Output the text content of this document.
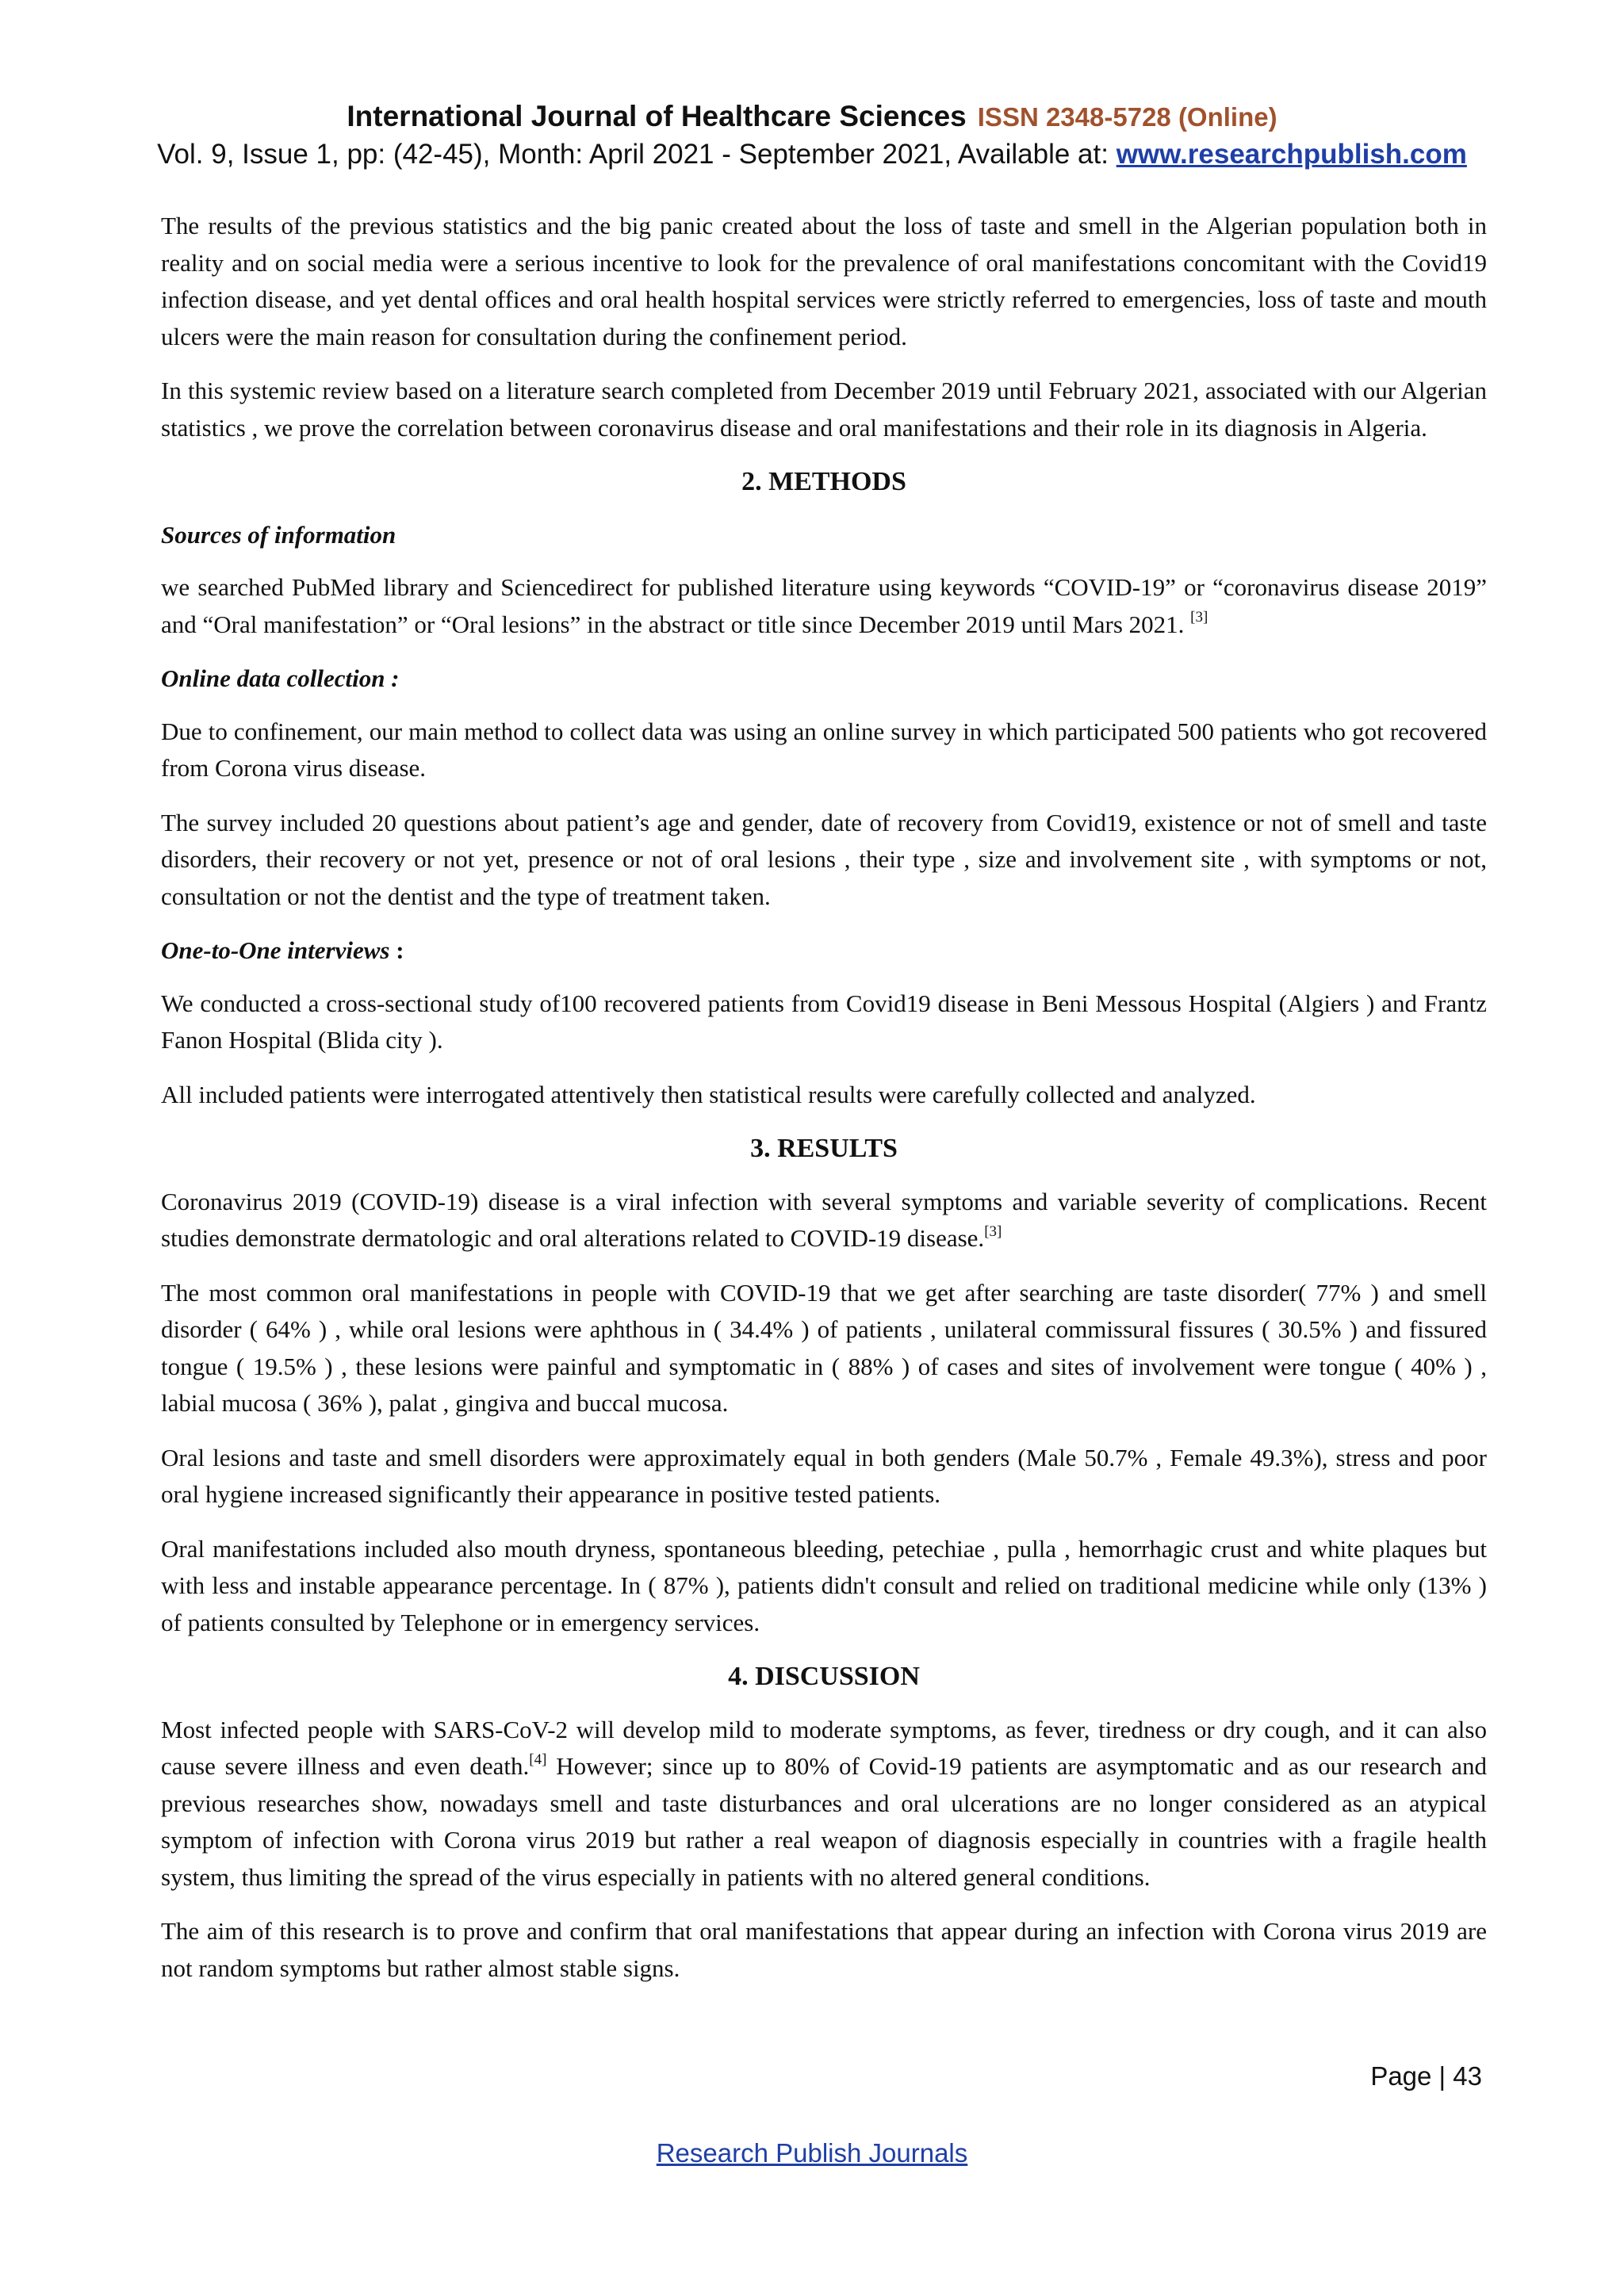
International Journal of Healthcare Sciences ISSN 2348-5728 (Online)
Vol. 9, Issue 1, pp: (42-45), Month: April 2021 - September 2021, Available at: www.researchpublish.com

The results of the previous statistics and the big panic created about the loss of taste and smell in the Algerian population both in reality and on social media were a serious incentive to look for the prevalence of oral manifestations concomitant with the Covid19 infection disease, and yet dental offices and oral health hospital services were strictly referred to emergencies, loss of taste and mouth ulcers were the main reason for consultation during the confinement period.

In this systemic review based on a literature search completed from December 2019 until February 2021, associated with our Algerian statistics , we prove the correlation between coronavirus disease and oral manifestations and their role in its diagnosis in Algeria.

2. METHODS
Sources of information

we searched PubMed library and Sciencedirect for published literature using keywords “COVID-19” or “coronavirus disease 2019” and “Oral manifestation” or “Oral lesions” in the abstract or title since December 2019 until Mars 2021. [3]

Online data collection :

Due to confinement, our main method to collect data was using an online survey in which participated 500 patients who got recovered from Corona virus disease.

The survey included 20 questions about patient’s age and gender, date of recovery from Covid19, existence or not of smell and taste disorders, their recovery or not yet, presence or not of oral lesions , their type , size and involvement site , with symptoms or not, consultation or not the dentist and the type of treatment taken.

One-to-One interviews :

We conducted a cross-sectional study of100 recovered patients from Covid19 disease in Beni Messous Hospital (Algiers ) and Frantz Fanon Hospital (Blida city ).

All included patients were interrogated attentively then statistical results were carefully collected and analyzed.

3. RESULTS

Coronavirus 2019 (COVID-19) disease is a viral infection with several symptoms and variable severity of complications. Recent studies demonstrate dermatologic and oral alterations related to COVID-19 disease.[3]

The most common oral manifestations in people with COVID-19 that we get after searching are taste disorder( 77% ) and smell disorder ( 64% ) , while oral lesions were aphthous in ( 34.4% ) of patients , unilateral commissural fissures ( 30.5% ) and fissured tongue ( 19.5% ) , these lesions were painful and symptomatic in ( 88% ) of cases and sites of involvement were tongue ( 40% ) , labial mucosa ( 36% ), palat , gingiva and buccal mucosa.

Oral lesions and taste and smell disorders were approximately equal in both genders (Male 50.7% , Female 49.3%), stress and poor oral hygiene increased significantly their appearance in positive tested patients.

Oral manifestations included also mouth dryness, spontaneous bleeding, petechiae , pulla , hemorrhagic crust and white plaques but with less and instable appearance percentage. In ( 87% ), patients didn't consult and relied on traditional medicine while only (13% ) of patients consulted by Telephone or in emergency services.

4. DISCUSSION

Most infected people with SARS-CoV-2 will develop mild to moderate symptoms, as fever, tiredness or dry cough, and it can also cause severe illness and even death.[4] However; since up to 80% of Covid-19 patients are asymptomatic and as our research and previous researches show, nowadays smell and taste disturbances and oral ulcerations are no longer considered as an atypical symptom of infection with Corona virus 2019 but rather a real weapon of diagnosis especially in countries with a fragile health system, thus limiting the spread of the virus especially in patients with no altered general conditions.

The aim of this research is to prove and confirm that oral manifestations that appear during an infection with Corona virus 2019 are not random symptoms but rather almost stable signs.

Page | 43
Research Publish Journals
